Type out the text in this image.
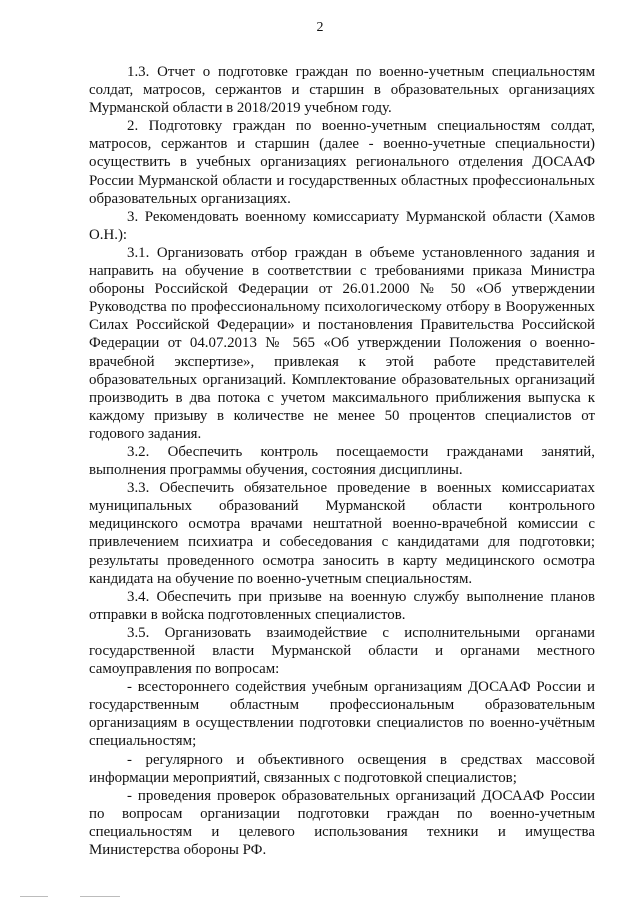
2

1.3. Отчет о подготовке граждан по военно-учетным специальностям солдат, матросов, сержантов и старшин в образовательных организациях Мурманской области в 2018/2019 учебном году.

2. Подготовку граждан по военно-учетным специальностям солдат, матросов, сержантов и старшин (далее - военно-учетные специальности) осуществить в учебных организациях регионального отделения ДОСААФ России Мурманской области и государственных областных профессиональных образовательных организациях.

3. Рекомендовать военному комиссариату Мурманской области (Хамов О.Н.):

3.1. Организовать отбор граждан в объеме установленного задания и направить на обучение в соответствии с требованиями приказа Министра обороны Российской Федерации от 26.01.2000 № 50 «Об утверждении Руководства по профессиональному психологическому отбору в Вооруженных Силах Российской Федерации» и постановления Правительства Российской Федерации от 04.07.2013 № 565 «Об утверждении Положения о военно-врачебной экспертизе», привлекая к этой работе представителей образовательных организаций. Комплектование образовательных организаций производить в два потока с учетом максимального приближения выпуска к каждому призыву в количестве не менее 50 процентов специалистов от годового задания.

3.2. Обеспечить контроль посещаемости гражданами занятий, выполнения программы обучения, состояния дисциплины.

3.3. Обеспечить обязательное проведение в военных комиссариатах муниципальных образований Мурманской области контрольного медицинского осмотра врачами нештатной военно-врачебной комиссии с привлечением психиатра и собеседования с кандидатами для подготовки; результаты проведенного осмотра заносить в карту медицинского осмотра кандидата на обучение по военно-учетным специальностям.

3.4. Обеспечить при призыве на военную службу выполнение планов отправки в войска подготовленных специалистов.

3.5. Организовать взаимодействие с исполнительными органами государственной власти Мурманской области и органами местного самоуправления по вопросам:

- всестороннего содействия учебным организациям ДОСААФ России и государственным областным профессиональным образовательным организациям в осуществлении подготовки специалистов по военно-учётным специальностям;

- регулярного и объективного освещения в средствах массовой информации мероприятий, связанных с подготовкой специалистов;

- проведения проверок образовательных организаций ДОСААФ России по вопросам организации подготовки граждан по военно-учетным специальностям и целевого использования техники и имущества Министерства обороны РФ.
